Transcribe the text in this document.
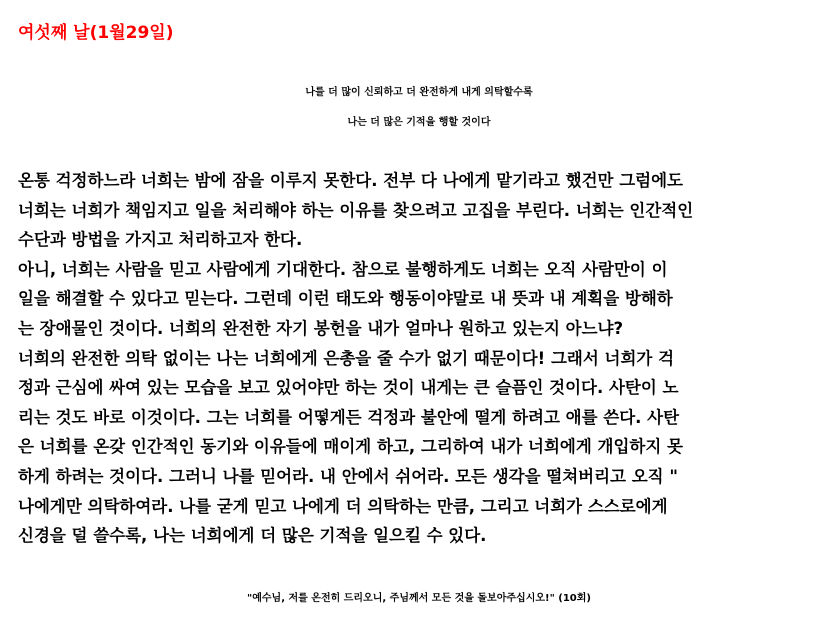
여섯째 날(1월29일)
나를 더 많이 신뢰하고 더 완전하게 내게 의탁할수록
나는 더 많은 기적을 행할 것이다
온통 걱정하느라 너희는 밤에 잠을 이루지 못한다. 전부 다 나에게 맡기라고 했건만 그럼에도
너희는 너희가 책임지고 일을 처리해야 하는 이유를 찾으려고 고집을 부린다. 너희는 인간적인
수단과 방법을 가지고 처리하고자 한다.
아니, 너희는 사람을 믿고 사람에게 기대한다. 참으로 불행하게도 너희는 오직 사람만이 이
일을 해결할 수 있다고 믿는다. 그런데 이런 태도와 행동이야말로 내 뜻과 내 계획을 방해하
는 장애물인 것이다. 너희의 완전한 자기 봉헌을 내가 얼마나 원하고 있는지 아느냐?
너희의 완전한 의탁 없이는 나는 너희에게 은총을 줄 수가 없기 때문이다! 그래서 너희가 걱
정과 근심에 싸여 있는 모습을 보고 있어야만 하는 것이 내게는 큰 슬픔인 것이다. 사탄이 노
리는 것도 바로 이것이다. 그는 너희를 어떻게든 걱정과 불안에 떨게 하려고 애를 쓴다. 사탄
은 너희를 온갖 인간적인 동기와 이유들에 매이게 하고, 그리하여 내가 너희에게 개입하지 못
하게 하려는 것이다. 그러니 나를 믿어라. 내 안에서 쉬어라. 모든 생각을 떨쳐버리고 오직 "
나에게만 의탁하여라. 나를 굳게 믿고 나에게 더 의탁하는 만큼, 그리고 너희가 스스로에게
신경을 덜 쓸수록, 나는 너희에게 더 많은 기적을 일으킬 수 있다.
"예수님, 저를 온전히 드리오니, 주님께서 모든 것을 돌보아주십시오!" (10회)
